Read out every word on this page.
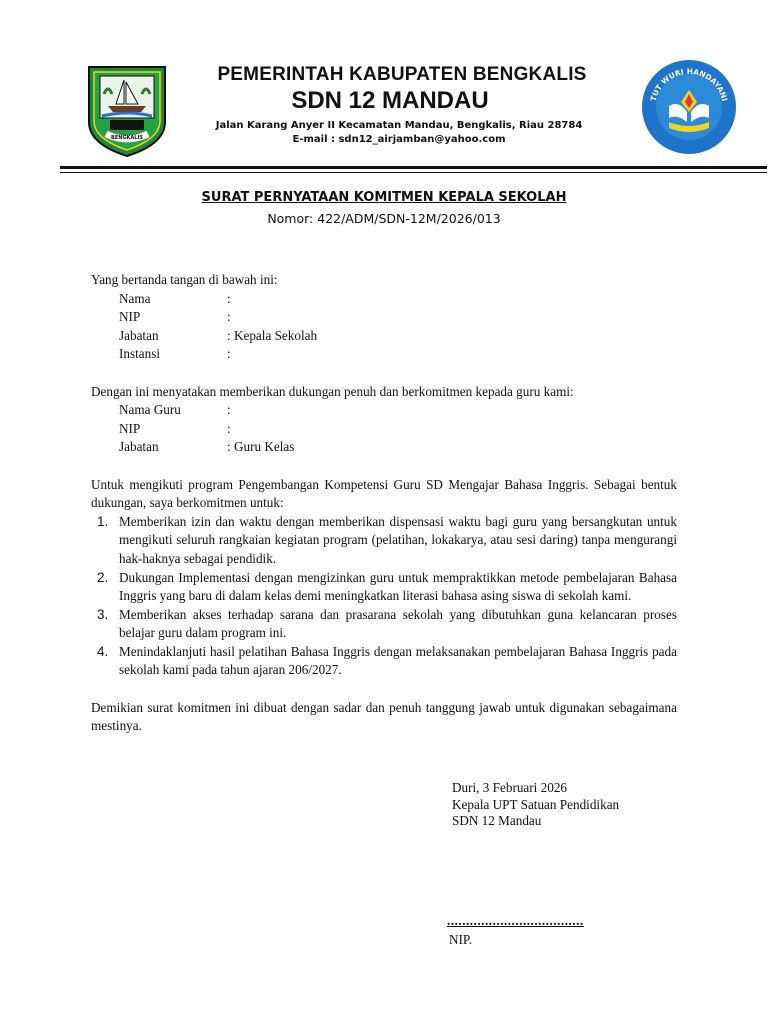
BENGKALIS
PEMERINTAH KABUPATEN BENGKALIS
SDN 12 MANDAU
Jalan Karang Anyer II Kecamatan Mandau, Bengkalis, Riau 28784
E-mail : sdn12_airjamban@yahoo.com
TUT WURI HANDAYANI
SURAT PERNYATAAN KOMITMEN KEPALA SEKOLAH
Nomor: 422/ADM/SDN-12M/2026/013

Yang bertanda tangan di bawah ini:

Nama	:
NIP	:
Jabatan	: Kepala Sekolah
Instansi	:

Dengan ini menyatakan memberikan dukungan penuh dan berkomitmen kepada guru kami:

Nama Guru	:
NIP	:
Jabatan	: Guru Kelas

Untuk mengikuti program Pengembangan Kompetensi Guru SD Mengajar Bahasa Inggris. Sebagai bentuk dukungan, saya berkomitmen untuk:

1. Memberikan izin dan waktu dengan memberikan dispensasi waktu bagi guru yang bersangkutan untuk mengikuti seluruh rangkaian kegiatan program (pelatihan, lokakarya, atau sesi daring) tanpa mengurangi hak-haknya sebagai pendidik.
2. Dukungan Implementasi dengan mengizinkan guru untuk mempraktikkan metode pembelajaran Bahasa Inggris yang baru di dalam kelas demi meningkatkan literasi bahasa asing siswa di sekolah kami.
3. Memberikan akses terhadap sarana dan prasarana sekolah yang dibutuhkan guna kelancaran proses belajar guru dalam program ini.
4. Menindaklanjuti hasil pelatihan Bahasa Inggris dengan melaksanakan pembelajaran Bahasa Inggris pada sekolah kami pada tahun ajaran 206/2027.

Demikian surat komitmen ini dibuat dengan sadar dan penuh tanggung jawab untuk digunakan sebagaimana mestinya.

Duri, 3 Februari 2026
Kepala UPT Satuan Pendidikan
SDN 12 Mandau
....................................
NIP.
